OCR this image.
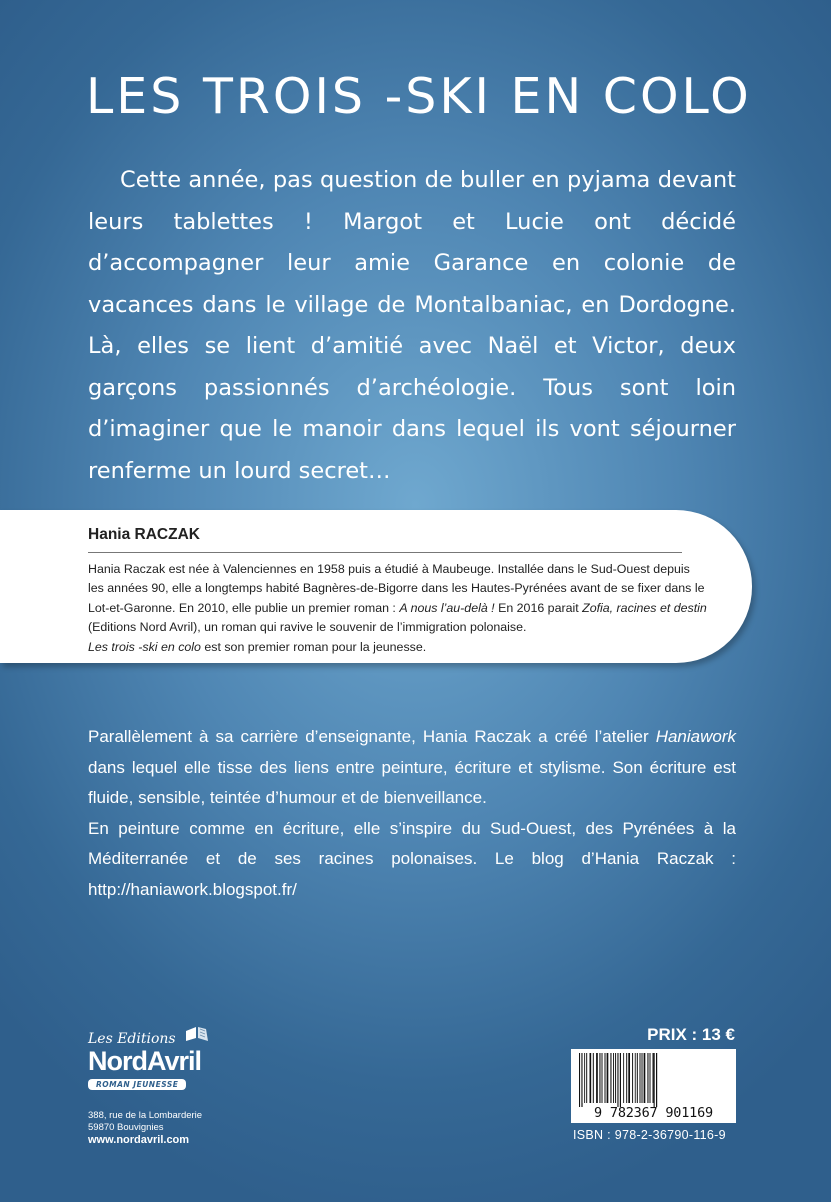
LES TROIS -SKI EN COLO

Cette année, pas question de buller en pyjama devant leurs tablettes ! Margot et Lucie ont décidé d’accompagner leur amie Garance en colonie de vacances dans le village de Montalbaniac, en Dordogne. Là, elles se lient d’amitié avec Naël et Victor, deux garçons passionnés d’archéologie. Tous sont loin d’imaginer que le manoir dans lequel ils vont séjourner renferme un lourd secret…

Hania RACZAK

Hania Raczak est née à Valenciennes en 1958 puis a étudié à Maubeuge. Installée dans le Sud-Ouest depuis les années 90, elle a longtemps habité Bagnères-de-Bigorre dans les Hautes-Pyrénées avant de se fixer dans le Lot-et-Garonne. En 2010, elle publie un premier roman : A nous l’au-delà ! En 2016 parait Zofia, racines et destin (Editions Nord Avril), un roman qui ravive le souvenir de l’immigration polonaise.

Les trois -ski en colo est son premier roman pour la jeunesse.

Parallèlement à sa carrière d’enseignante, Hania Raczak a créé l’atelier Haniawork dans lequel elle tisse des liens entre peinture, écriture et stylisme. Son écriture est fluide, sensible, teintée d’humour et de bienveillance.

En peinture comme en écriture, elle s’inspire du Sud-Ouest, des Pyrénées à la Méditerranée et de ses racines polonaises. Le blog d’Hania Raczak : http://haniawork.blogspot.fr/

Les Editions
NordAvril
ROMAN JEUNESSE
388, rue de la Lombarderie
59870 Bouvignies
www.nordavril.com
PRIX : 13 €
9 782367 901169
ISBN : 978-2-36790-116-9
